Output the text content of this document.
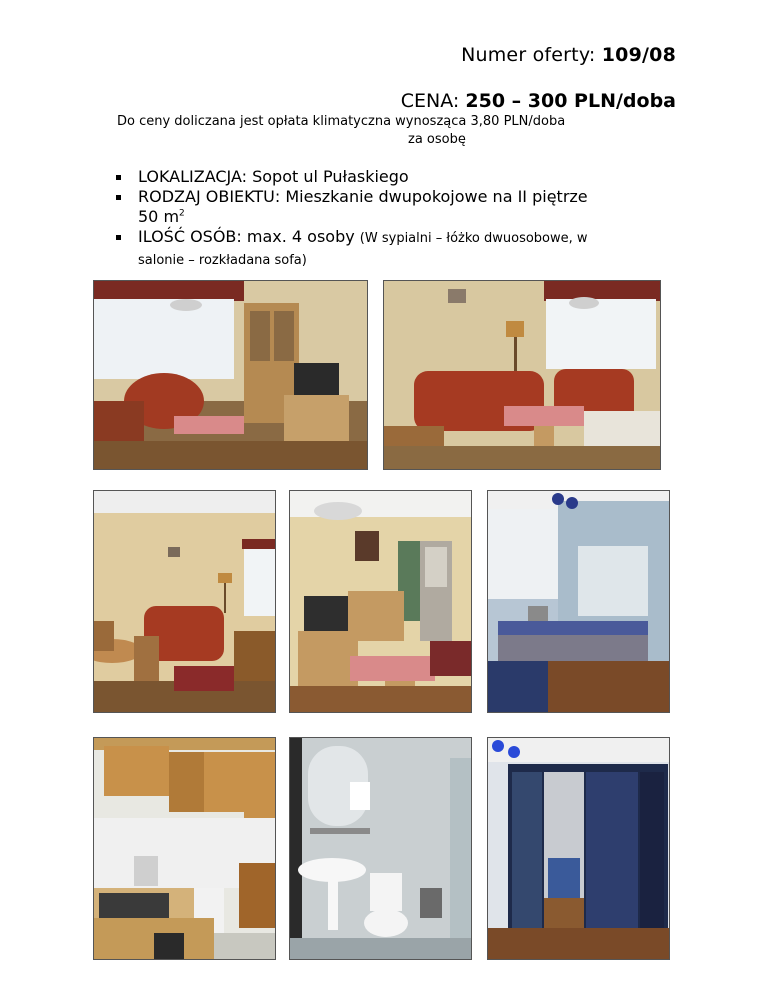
Numer oferty: 109/08
CENA: 250 – 300 PLN/doba
Do ceny doliczana jest opłata klimatyczna wynosząca 3,80 PLN/doba
za osobę
LOKALIZACJA: Sopot ul Pułaskiego
RODZAJ OBIEKTU: Mieszkanie dwupokojowe na II piętrze
50 $m^2$
ILOŚĆ OSÓB: max. 4 osoby (W sypialni – łóżko dwuosobowe, w
salonie – rozkładana sofa)
